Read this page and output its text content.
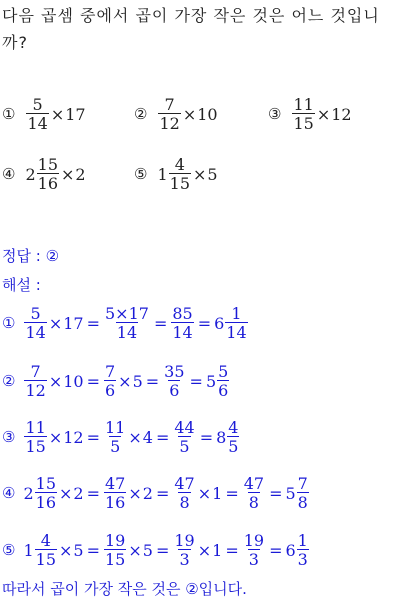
다음 곱셈 중에서 곱이 가장 작은 것은 어느 것입니까?
① $\frac{5}{14} \times 17$	② $\frac{7}{12} \times 10$	③ $\frac{11}{15} \times 12$
④ $2 \frac{15}{16} \times 2$	⑤ $1 \frac{4}{15} \times 5$
정답 : ②
해설 :
① $\frac{5}{14} \times 17 = \frac{5\times 17}{14} = \frac{85}{14} = 6 \frac{1}{14}$
② $\frac{7}{12} \times 10 = \frac{7}{6} \times 5 = \frac{35}{6} = 5 \frac{5}{6}$
③ $\frac{11}{15} \times 12 = \frac{11}{5} \times 4 = \frac{44}{5} = 8 \frac{4}{5}$
④ $2 \frac{15}{16} \times 2 = \frac{47}{16} \times 2 = \frac{47}{8} \times 1 = \frac{47}{8} = 5 \frac{7}{8}$
⑤ $1 \frac{4}{15} \times 5 = \frac{19}{15} \times 5 = \frac{19}{3} \times 1 = \frac{19}{3} = 6 \frac{1}{3}$
따라서 곱이 가장 작은 것은 ②입니다.
